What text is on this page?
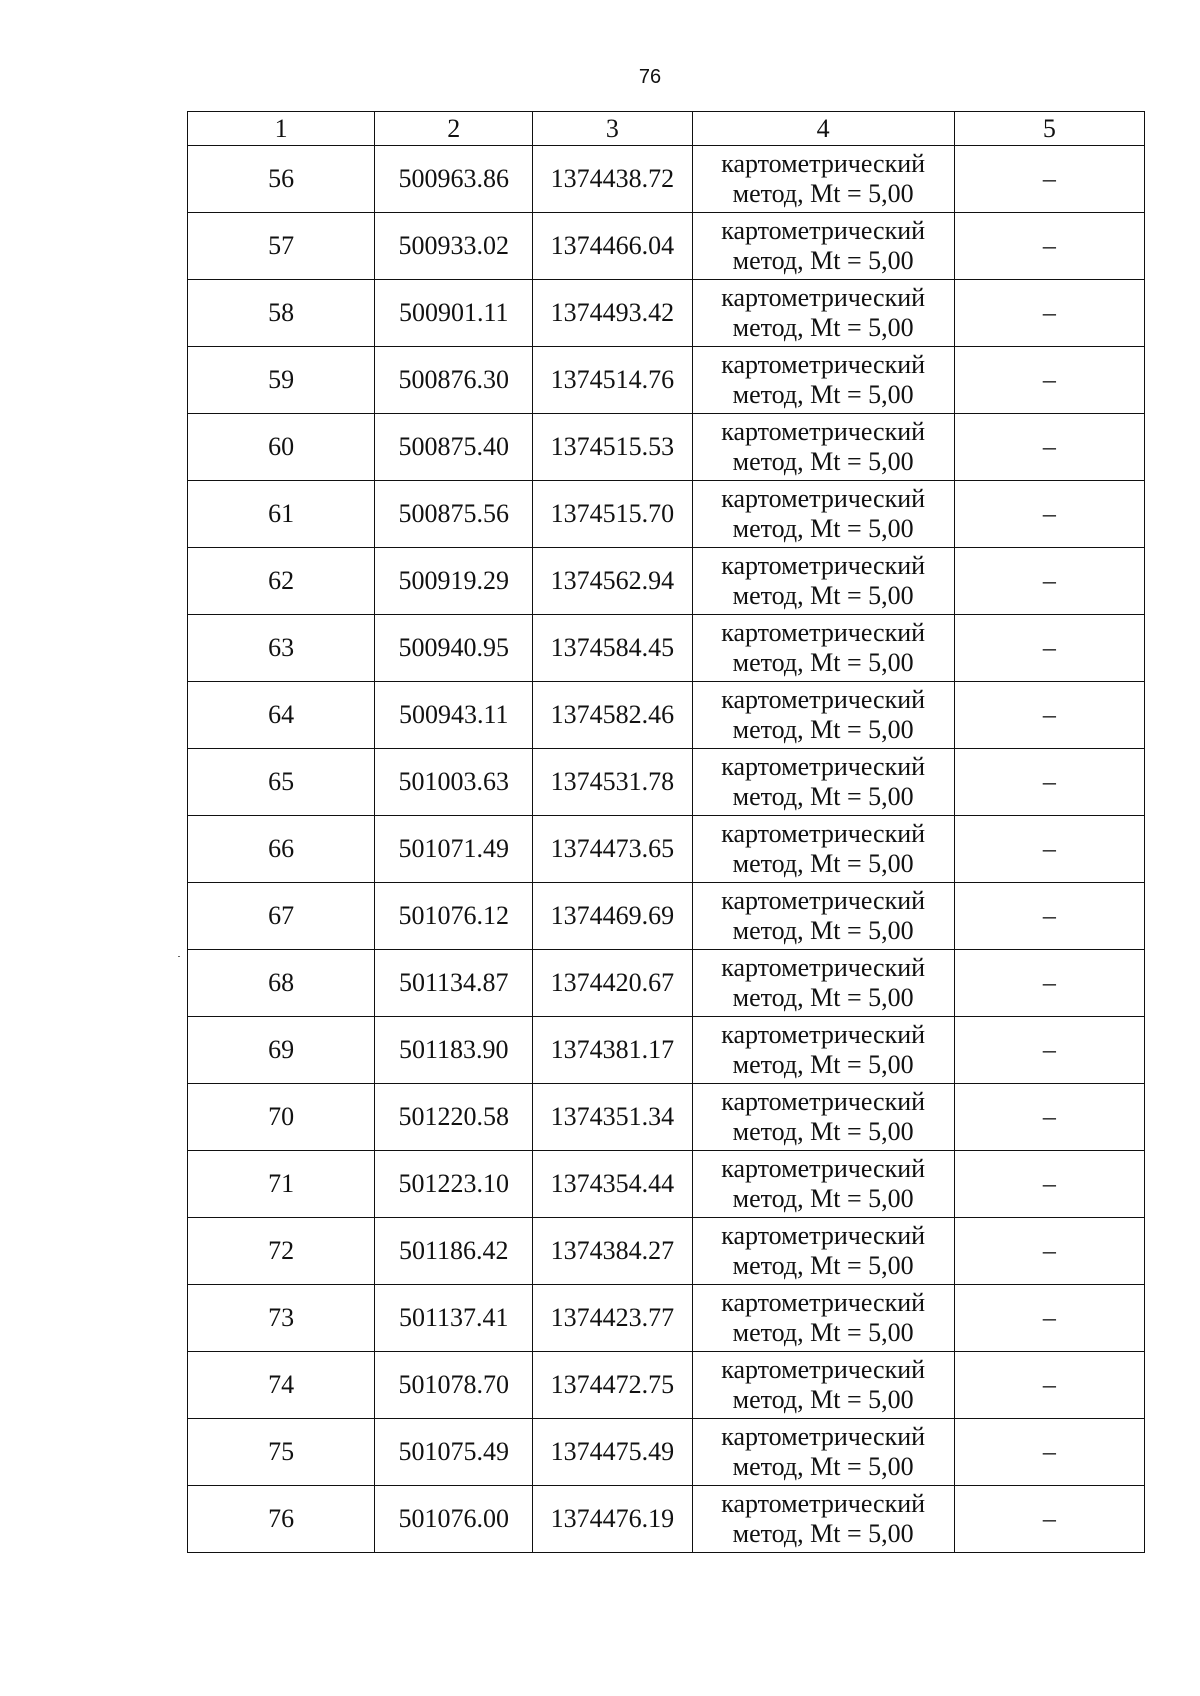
76
1	2	3	4	5
56	500963.86	1374438.72	картометрический
метод, Mt = 5,00	–
57	500933.02	1374466.04	картометрический
метод, Mt = 5,00	–
58	500901.11	1374493.42	картометрический
метод, Mt = 5,00	–
59	500876.30	1374514.76	картометрический
метод, Mt = 5,00	–
60	500875.40	1374515.53	картометрический
метод, Mt = 5,00	–
61	500875.56	1374515.70	картометрический
метод, Mt = 5,00	–
62	500919.29	1374562.94	картометрический
метод, Mt = 5,00	–
63	500940.95	1374584.45	картометрический
метод, Mt = 5,00	–
64	500943.11	1374582.46	картометрический
метод, Mt = 5,00	–
65	501003.63	1374531.78	картометрический
метод, Mt = 5,00	–
66	501071.49	1374473.65	картометрический
метод, Mt = 5,00	–
67	501076.12	1374469.69	картометрический
метод, Mt = 5,00	–
68	501134.87	1374420.67	картометрический
метод, Mt = 5,00	–
69	501183.90	1374381.17	картометрический
метод, Mt = 5,00	–
70	501220.58	1374351.34	картометрический
метод, Mt = 5,00	–
71	501223.10	1374354.44	картометрический
метод, Mt = 5,00	–
72	501186.42	1374384.27	картометрический
метод, Mt = 5,00	–
73	501137.41	1374423.77	картометрический
метод, Mt = 5,00	–
74	501078.70	1374472.75	картометрический
метод, Mt = 5,00	–
75	501075.49	1374475.49	картометрический
метод, Mt = 5,00	–
76	501076.00	1374476.19	картометрический
метод, Mt = 5,00	–
